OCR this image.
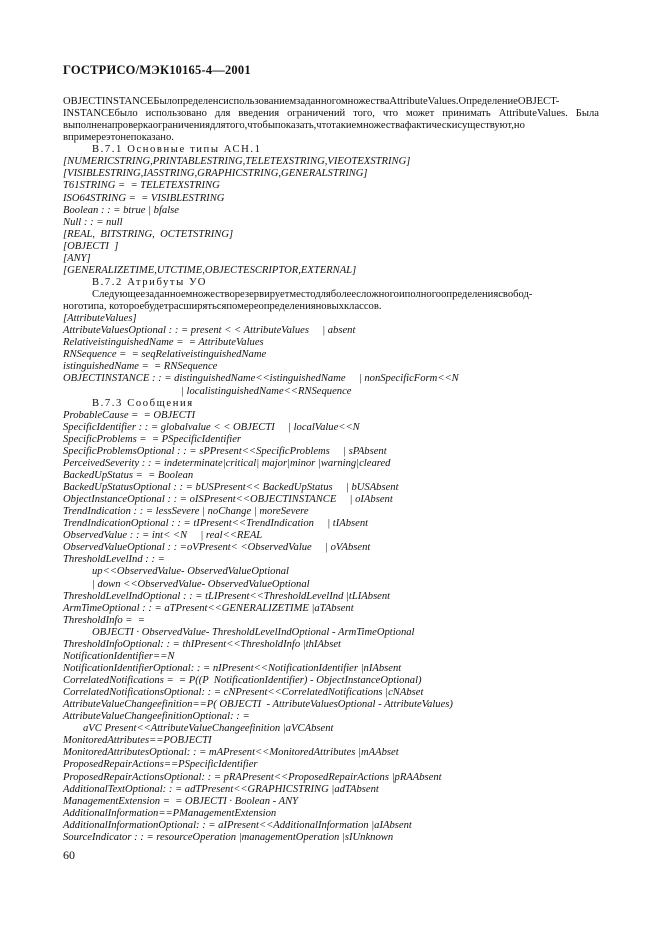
ГОСТРИСО/МЭК10165-4—2001
OBJECTINSTANCEБылопределенсиспользованиемзаданногомножестваAttributeValues.ОпределениеOBJECT-
INSTANCEбыло использовано для введения ограничений того, что может принимать AttributeValues. Была
выполненапроверкаограничениядлятого,чтобыпоказать,чтотакиемножествафактическисуществуют,но
впримереэтонепоказано.
В.7.1 Основные типы АСН.1
[NUMERICSTRING,PRINTABLESTRING,TELETEXSTRING,VIEOTEXSTRING]
[VISIBLESTRING,IA5STRING,GRAPHICSTRING,GENERALSTRING]
T61STRING =  = TELETEXSTRING
ISO64STRING =  = VISIBLESTRING
Boolean : : = btrue | bfalse
Null : : = null
[REAL,  BITSTRING,  OCTETSTRING]
[OBJECTI  ]
[ANY]
[GENERALIZETIME,UTCTIME,OBJECTESCRIPTOR,EXTERNAL]
В.7.2 Атрибуты УО
Следующеезаданноемножестворезервируетместодляболеесложногоиполногоопределениясвобод-
ноготипа, котороебудетрасширятьсяпомереопределенияновыхклассов.
[AttributeValues]
AttributeValuesOptional : : = present < < AttributeValues     | absent
RelativeistinguishedName =  = AttributeValues
RNSequence =  = seqRelativeistinguishedName
istinguishedName =  = RNSequence
OBJECTINSTANCE : : = distinguishedName<<istinguishedName     | nonSpecificForm<<N
| localistinguishedName<<RNSequence
В.7.3 Сообщения
ProbableCause =  = OBJECTI
SpecificIdentifier : : = globalvalue < < OBJECTI     | localValue<<N
SpecificProblems =  = PSpecificIdentifier
SpecificProblemsOptional : : = sPPresent<<SpecificProblems     | sPAbsent
PerceivedSeverity : : = indeterminate|critical| major|minor |warning|cleared
BackedUpStatus =  = Boolean
BackedUpStatusOptional : : = bUSPresent<< BackedUpStatus     | bUSAbsent
ObjectInstanceOptional : : = oISPresent<<OBJECTINSTANCE     | oIAbsent
TrendIndication : : = lessSevere | noChange | moreSevere
TrendIndicationOptional : : = tIPresent<<TrendIndication     | tIAbsent
ObservedValue : : = int< <N     | real<<REAL
ObservedValueOptional : : =oVPresent< <ObservedValue     | oVAbsent
ThresholdLevelInd : : =
up<<ObservedValue- ObservedValueOptional
| down <<ObservedValue- ObservedValueOptional
ThresholdLevelIndOptional : : = tLIPresent<<ThresholdLevelInd |tLIAbsent
ArmTimeOptional : : = aTPresent<<GENERALIZETIME |aTAbsent
ThresholdInfo =  =
OBJECTI · ObservedValue- ThresholdLevelIndOptional - ArmTimeOptional
ThresholdInfoOptional: : = thIPresent<<ThresholdInfo |thIAbset
NotificationIdentifier==N
NotificationIdentifierOptional: : = nIPresent<<NotificationIdentifier |nIAbsent
CorrelatedNotifications =  = P((P  NotificationIdentifier) - ObjectInstanceOptional)
CorrelatedNotificationsOptional: : = cNPresent<<CorrelatedNotifications |cNAbset
AttributeValueChangeefinition==P( OBJECTI  - AttributeValuesOptional - AttributeValues)
AttributeValueChangeefinitionOptional: : =
aVC Present<<AttributeValueChangeefinition |aVCAbsent
MonitoredAttributes==POBJECTI
MonitoredAttributesOptional: : = mAPresent<<MonitoredAttributes |mAAbset
ProposedRepairActions==PSpecificIdentifier
ProposedRepairActionsOptional: : = pRAPresent<<ProposedRepairActions |pRAAbsent
AdditionalTextOptional: : = adTPresent<<GRAPHICSTRING |adTAbsent
ManagementExtension =  = OBJECTI · Boolean - ANY
AdditionalInformation==PManagementExtension
AdditionalInformationOptional: : = aIPresent<<AdditionalInformation |aIAbsent
SourceIndicator : : = resourceOperation |managementOperation |sIUnknown
60
